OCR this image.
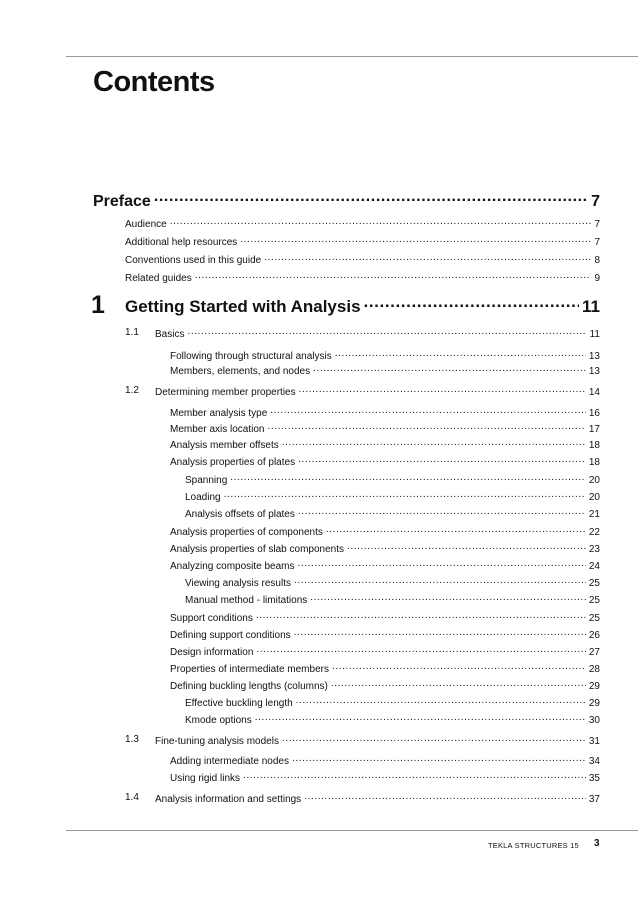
Contents
Preface .....	7
Audience .....	7
Additional help resources .....	7
Conventions used in this guide .....	8
Related guides .....	9
1 Getting Started with Analysis .....	11
1.1 Basics .....	11
Following through structural analysis .....	13
Members, elements, and nodes .....	13
1.2 Determining member properties .....	14
Member analysis type .....	16
Member axis location .....	17
Analysis member offsets .....	18
Analysis properties of plates .....	18
Spanning .....	20
Loading .....	20
Analysis offsets of plates .....	21
Analysis properties of components .....	22
Analysis properties of slab components .....	23
Analyzing composite beams .....	24
Viewing analysis results .....	25
Manual method - limitations .....	25
Support conditions .....	25
Defining support conditions .....	26
Design information .....	27
Properties of intermediate members .....	28
Defining buckling lengths (columns) .....	29
Effective buckling length .....	29
Kmode options .....	30
1.3 Fine-tuning analysis models .....	31
Adding intermediate nodes .....	34
Using rigid links .....	35
1.4 Analysis information and settings .....	37
TEKLA STRUCTURES 15 3
